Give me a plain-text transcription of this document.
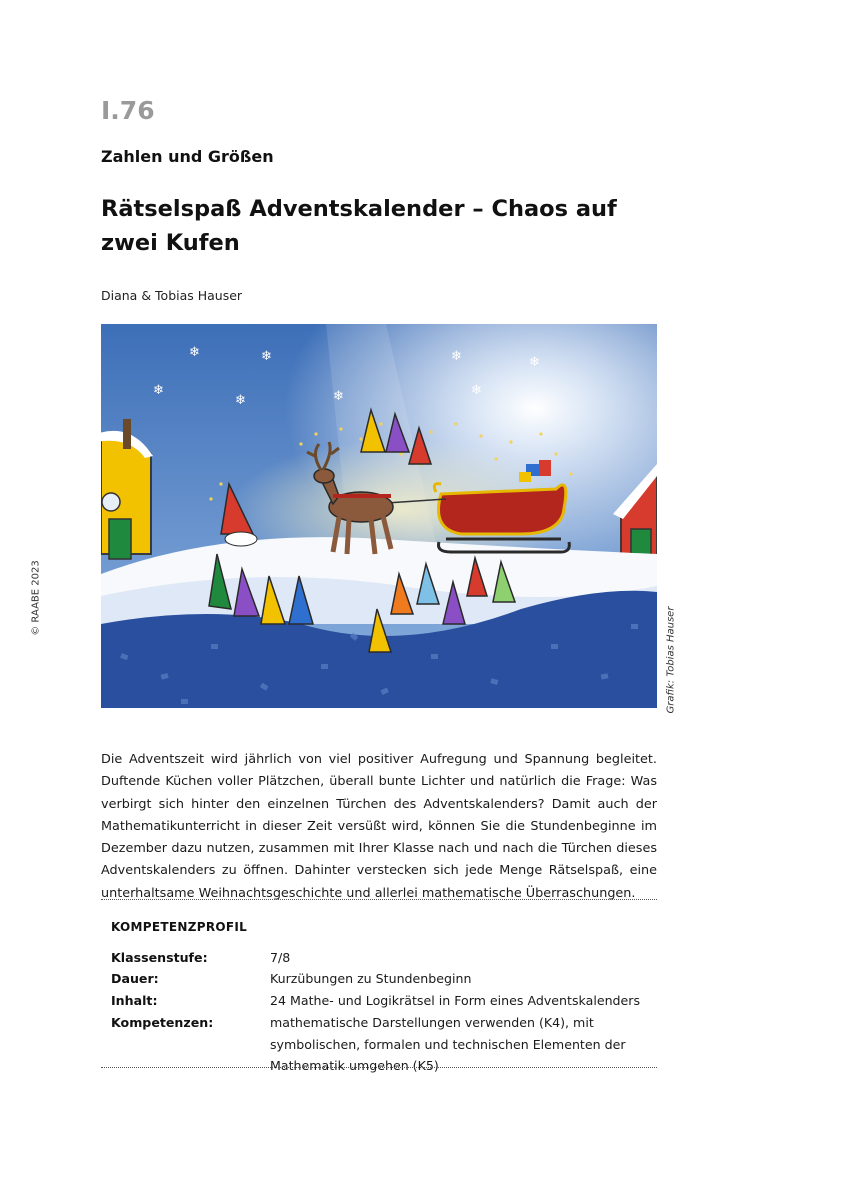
I.76
Zahlen und Größen
Rätselspaß Adventskalender – Chaos auf zwei Kufen
Diana & Tobias Hauser
© RAABE 2023
❄	❄	❄	❄
❄
❄	❄	❄
Grafik: Tobias Hauser
Die Adventszeit wird jährlich von viel positiver Aufregung und Spannung begleitet. Duftende Küchen voller Plätzchen, überall bunte Lichter und natürlich die Frage: Was verbirgt sich hinter den einzelnen Türchen des Adventskalenders? Damit auch der Mathematikunterricht in dieser Zeit versüßt wird, können Sie die Stundenbeginne im Dezember dazu nutzen, zusammen mit Ihrer Klasse nach und nach die Türchen dieses Adventskalenders zu öffnen. Dahinter verstecken sich jede Menge Rätselspaß, eine unterhaltsame Weihnachtsgeschichte und allerlei mathematische Überraschungen.
KOMPETENZPROFIL
Klassenstufe:	7/8
Dauer:	Kurzübungen zu Stundenbeginn
Inhalt:	24 Mathe- und Logikrätsel in Form eines Adventskalenders
Kompetenzen:	mathematische Darstellungen verwenden (K4), mit symbolischen, formalen und technischen Elementen der Mathematik umgehen (K5)
